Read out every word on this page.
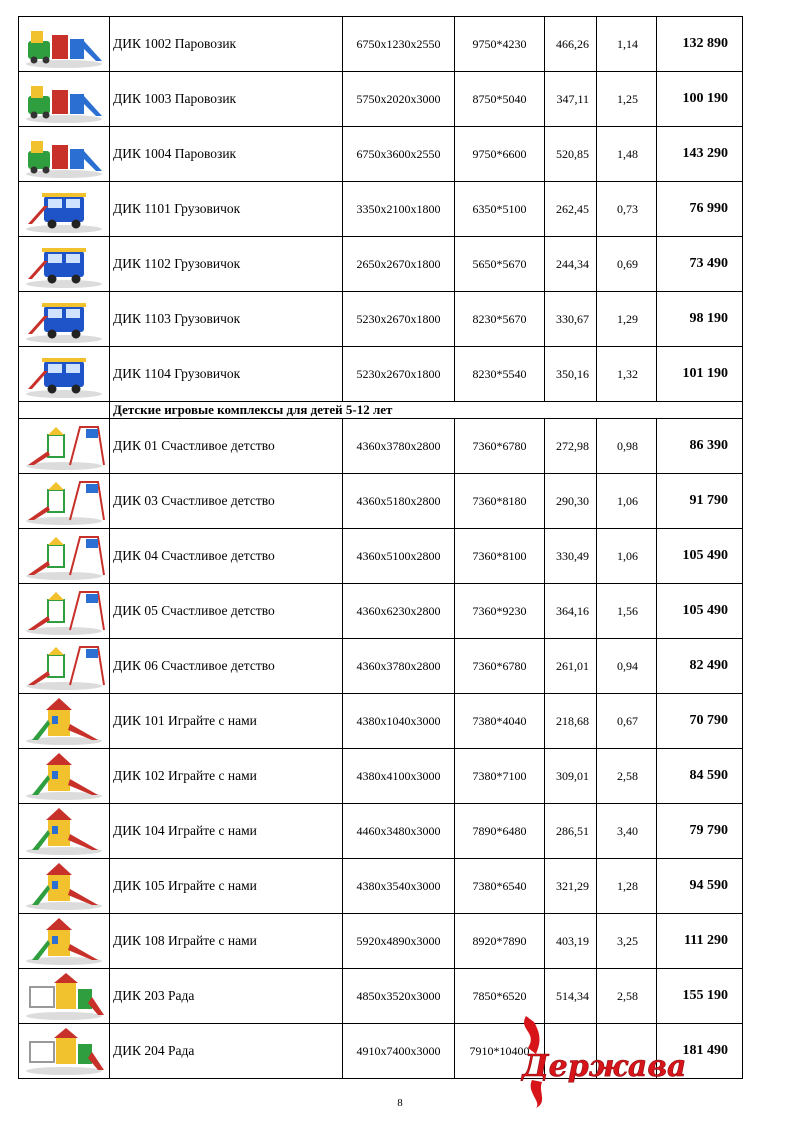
	ДИК 1002 Паровозик	6750х1230х2550	9750*4230	466,26	1,14	132 890

	ДИК 1003 Паровозик	5750х2020х3000	8750*5040	347,11	1,25	100 190

	ДИК 1004 Паровозик	6750х3600х2550	9750*6600	520,85	1,48	143 290

	ДИК 1101 Грузовичок	3350х2100х1800	6350*5100	262,45	0,73	76 990

	ДИК 1102 Грузовичок	2650х2670х1800	5650*5670	244,34	0,69	73 490

	ДИК 1103 Грузовичок	5230х2670х1800	8230*5670	330,67	1,29	98 190

	ДИК 1104 Грузовичок	5230х2670х1800	8230*5540	350,16	1,32	101 190
	Детские игровые комплексы для детей 5-12 лет					

	ДИК 01 Счастливое детство	4360х3780х2800	7360*6780	272,98	0,98	86 390

	ДИК 03 Счастливое детство	4360х5180х2800	7360*8180	290,30	1,06	91 790

	ДИК 04 Счастливое детство	4360х5100х2800	7360*8100	330,49	1,06	105 490

	ДИК 05 Счастливое детство	4360х6230х2800	7360*9230	364,16	1,56	105 490

	ДИК 06 Счастливое детство	4360х3780х2800	7360*6780	261,01	0,94	82 490

	ДИК 101 Играйте с нами	4380х1040х3000	7380*4040	218,68	0,67	70 790

	ДИК 102 Играйте с нами	4380х4100х3000	7380*7100	309,01	2,58	84 590

	ДИК 104 Играйте с нами	4460х3480х3000	7890*6480	286,51	3,40	79 790

	ДИК 105 Играйте с нами	4380х3540х3000	7380*6540	321,29	1,28	94 590

	ДИК 108 Играйте с нами	5920х4890х3000	8920*7890	403,19	3,25	111 290

	ДИК 203 Рада	4850х3520х3000	7850*6520	514,34	2,58	155 190

	ДИК 204 Рада	4910х7400х3000	7910*10400			181 490
8
Держава
